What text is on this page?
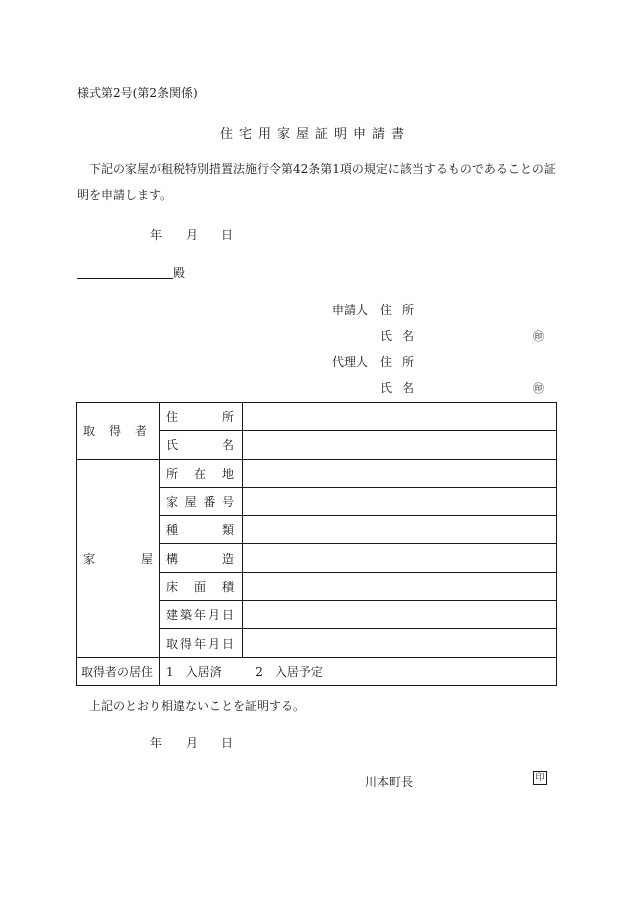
様式第2号(第2条関係)
住宅用家屋証明申請書
下記の家屋が租税特別措置法施行令第42条第1項の規定に該当するものであることの証明を申請します。
年 月 日
殿
申請人 住 所
氏 名	㊞
代理人 住 所
氏 名	㊞
取 得 者	住 所	

	氏 名	

家 屋	所 在 地	

	家 屋 番 号	

	種 類	

	構 造	

	床 面 積	

	建 築 年 月 日	

	取 得 年 月 日	

取得者の居住	1　入居済 2　入居予定	
上記のとおり相違ないことを証明する。
年 月 日
川本町長	印
